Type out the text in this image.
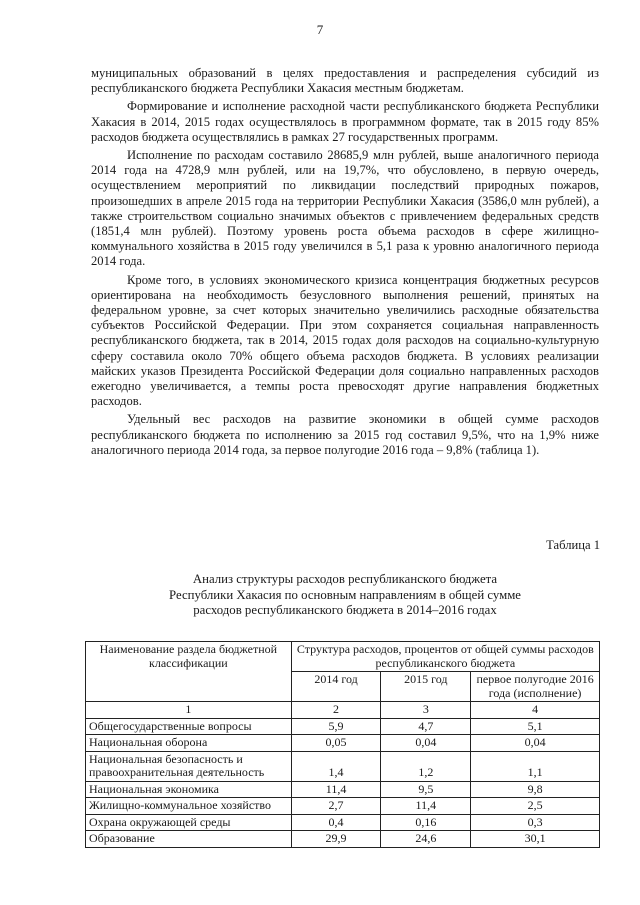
7

муниципальных образований в целях предоставления и распределения субсидий из республиканского бюджета Республики Хакасия местным бюджетам.

Формирование и исполнение расходной части республиканского бюджета Республики Хакасия в 2014, 2015 годах осуществлялось в программном формате, так в 2015 году 85% расходов бюджета осуществлялись в рамках 27 государственных программ.

Исполнение по расходам составило 28685,9 млн рублей, выше аналогичного периода 2014 года на 4728,9 млн рублей, или на 19,7%, что обусловлено, в первую очередь, осуществлением мероприятий по ликвидации последствий природных пожаров, произошедших в апреле 2015 года на территории Республики Хакасия (3586,0 млн рублей), а также строительством социально значимых объектов с привлечением федеральных средств (1851,4 млн рублей). Поэтому уровень роста объема расходов в сфере жилищно-коммунального хозяйства в 2015 году увеличился в 5,1 раза к уровню аналогичного периода 2014 года.

Кроме того, в условиях экономического кризиса концентрация бюджетных ресурсов ориентирована на необходимость безусловного выполнения решений, принятых на федеральном уровне, за счет которых значительно увеличились расходные обязательства субъектов Российской Федерации. При этом сохраняется социальная направленность республиканского бюджета, так в 2014, 2015 годах доля расходов на социально-культурную сферу составила около 70% общего объема расходов бюджета. В условиях реализации майских указов Президента Российской Федерации доля социально направленных расходов ежегодно увеличивается, а темпы роста превосходят другие направления бюджетных расходов.

Удельный вес расходов на развитие экономики в общей сумме расходов республиканского бюджета по исполнению за 2015 год составил 9,5%, что на 1,9% ниже аналогичного периода 2014 года, за первое полугодие 2016 года – 9,8% (таблица 1).

Таблица 1
Анализ структуры расходов республиканского бюджета
Республики Хакасия по основным направлениям в общей сумме
расходов республиканского бюджета в 2014–2016 годах
Наименование раздела бюджетной классификации	Структура расходов, процентов от общей суммы расходов республиканского бюджета		
	2014 год	2015 год	первое полугодие 2016 года (исполнение)
1	2	3	4
Общегосударственные вопросы	5,9	4,7	5,1
Национальная оборона	0,05	0,04	0,04
Национальная безопасность и правоохранительная деятельность	1,4	1,2	1,1
Национальная экономика	11,4	9,5	9,8
Жилищно-коммунальное хозяйство	2,7	11,4	2,5
Охрана окружающей среды	0,4	0,16	0,3
Образование	29,9	24,6	30,1
